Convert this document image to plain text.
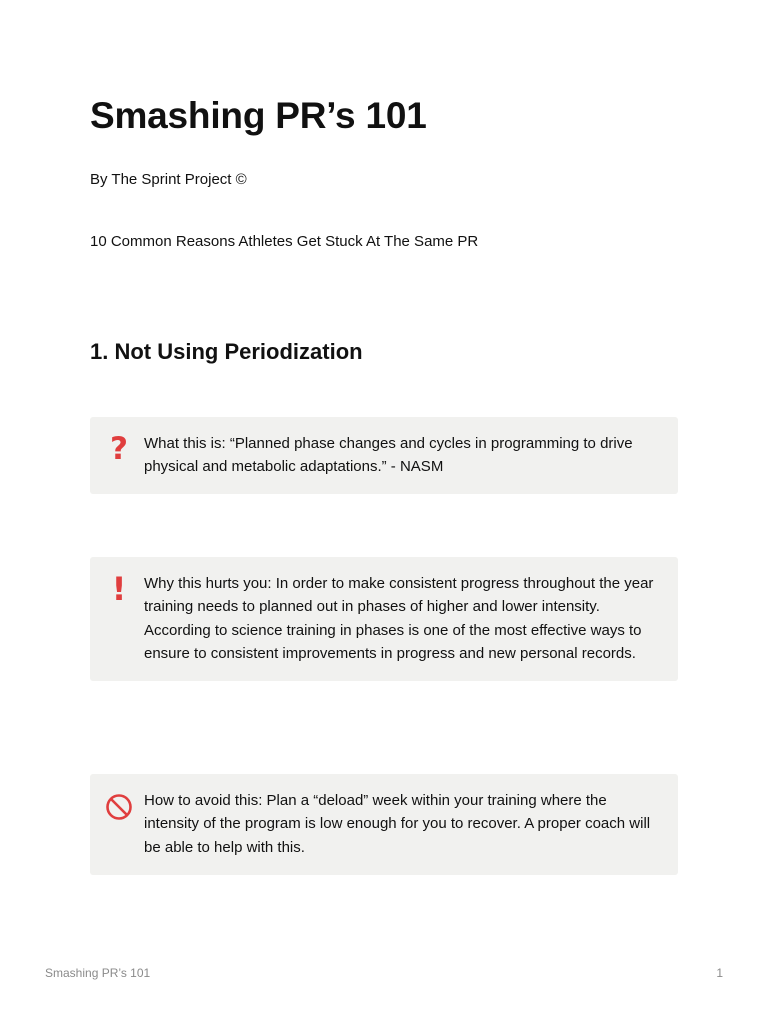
Smashing PR’s 101
By The Sprint Project ©
10 Common Reasons Athletes Get Stuck At The Same PR
1. Not Using Periodization
?	What this is: “Planned phase changes and cycles in programming to drive physical and metabolic adaptations.” - NASM
!	Why this hurts you: In order to make consistent progress throughout the year training needs to planned out in phases of higher and lower intensity. According to science training in phases is one of the most effective ways to ensure to consistent improvements in progress and new personal records.
How to avoid this: Plan a “deload” week within your training where the intensity of the program is low enough for you to recover. A proper coach will be able to help with this.
Smashing PR’s 101	1
